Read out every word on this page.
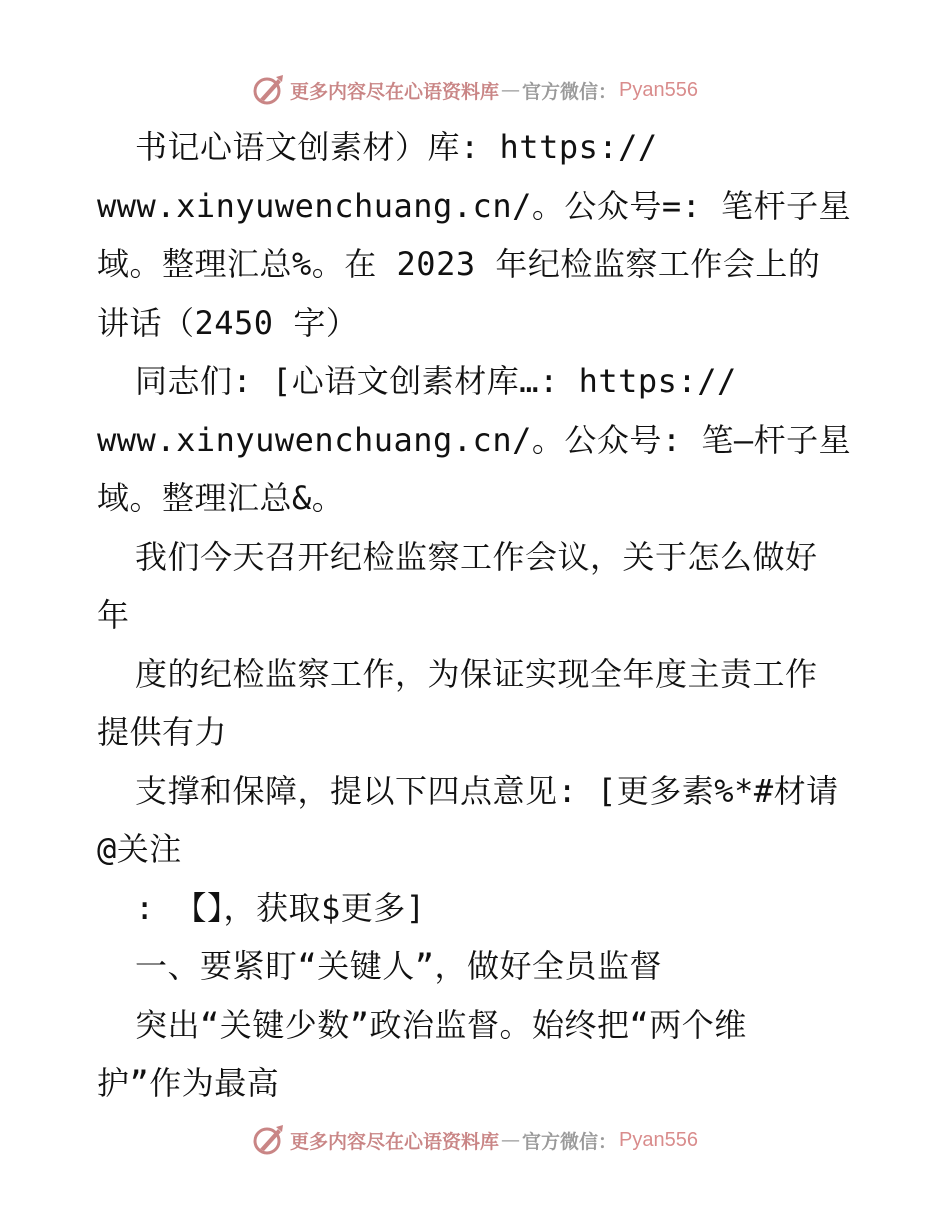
更多内容尽在心语资料库 — 官方微信： Pyan556
书记心语文创素材）库: https://
www.xinyuwenchuang.cn/。公众号=: 笔杆子星
域。整理汇总%。在 2023 年纪检监察工作会上的
讲话（2450 字）
同志们: [心语文创素材库…: https://
www.xinyuwenchuang.cn/。公众号: 笔—杆子星
域。整理汇总&。
我们今天召开纪检监察工作会议，关于怎么做好
年
度的纪检监察工作，为保证实现全年度主责工作
提供有力
支撑和保障，提以下四点意见: [更多素%*#材请
@关注
: 【】，获取$更多]
一、要紧盯“关键人”，做好全员监督
突出“关键少数”政治监督。始终把“两个维
护”作为最高
更多内容尽在心语资料库 — 官方微信： Pyan556
